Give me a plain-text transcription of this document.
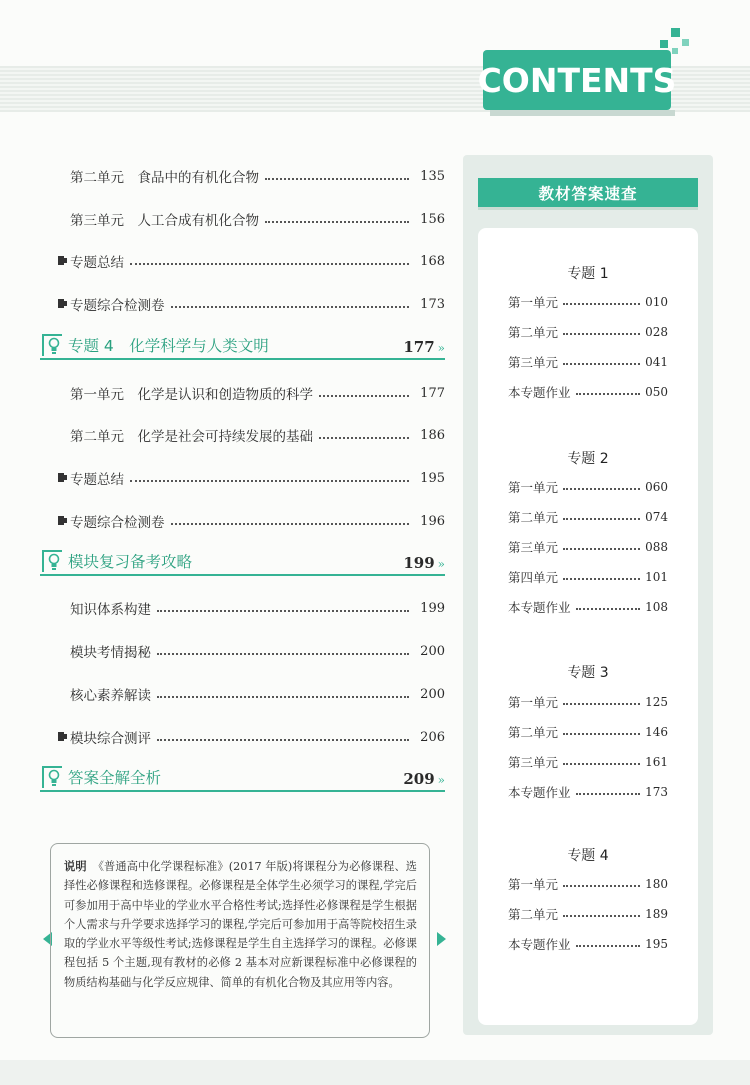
CONTENTS
第二单元　食品中的有机化合物	135
第三单元　人工合成有机化合物	156
专题总结	168
专题综合检测卷	173
专题 4　化学科学与人类文明	177 »
第一单元　化学是认识和创造物质的科学	177
第二单元　化学是社会可持续发展的基础	186
专题总结	195
专题综合检测卷	196
模块复习备考攻略	199 »
知识体系构建	199
模块考情揭秘	200
核心素养解读	200
模块综合测评	206
答案全解全析	209 »
说明 《普通高中化学课程标准》(2017 年版)将课程分为必修课程、选择性必修课程和选修课程。必修课程是全体学生必须学习的课程,学完后可参加用于高中毕业的学业水平合格性考试;选择性必修课程是学生根据个人需求与升学要求选择学习的课程,学完后可参加用于高等院校招生录取的学业水平等级性考试;选修课程是学生自主选择学习的课程。必修课程包括 5 个主题,现有教材的必修 2 基本对应新课程标准中必修课程的物质结构基础与化学反应规律、简单的有机化合物及其应用等内容。
教材答案速查
专题 1
第一单元	010
第二单元	028
第三单元	041
本专题作业	050
专题 2
第一单元	060
第二单元	074
第三单元	088
第四单元	101
本专题作业	108
专题 3
第一单元	125
第二单元	146
第三单元	161
本专题作业	173
专题 4
第一单元	180
第二单元	189
本专题作业	195
